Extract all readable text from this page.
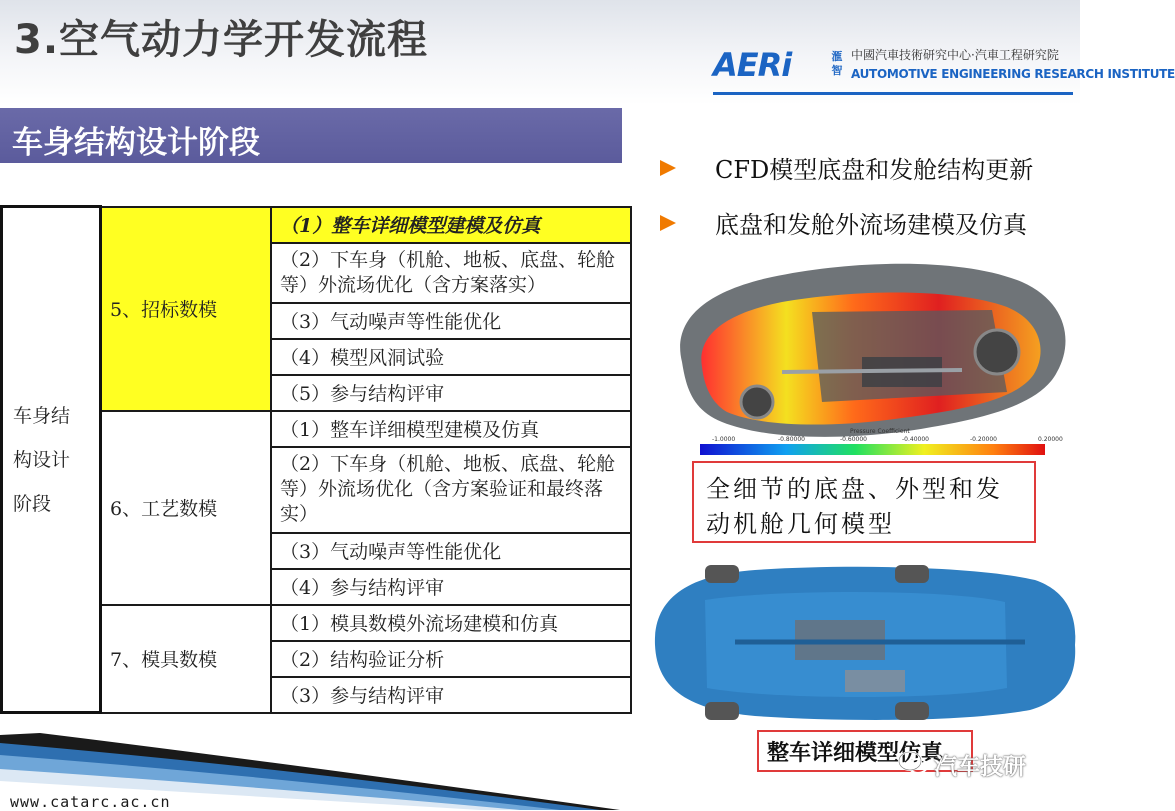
3.空气动力学开发流程
AERi	滙智
中國汽車技術研究中心·汽車工程研究院
AUTOMOTIVE ENGINEERING RESEARCH INSTITUTE
车身结构设计阶段
车身结
构设计
阶段	5、招标数模	（1）整车详细模型建模及仿真
		（2）下车身（机舱、地板、底盘、轮舱等）外流场优化（含方案落实）
		（3）气动噪声等性能优化
		（4）模型风洞试验
		（5）参与结构评审
	6、工艺数模	（1）整车详细模型建模及仿真
		（2）下车身（机舱、地板、底盘、轮舱等）外流场优化（含方案验证和最终落实）
		（3）气动噪声等性能优化
		（4）参与结构评审
	7、模具数模	（1）模具数模外流场建模和仿真
		（2）结构验证分析
		（3）参与结构评审
CFD模型底盘和发舱结构更新
底盘和发舱外流场建模及仿真
Pressure Coefficient
-1.0000	-0.80000	-0.60000	-0.40000	-0.20000	0.20000
全细节的底盘、外型和发
动机舱几何模型
整车详细模型仿真
汽车技研
www.catarc.ac.cn
